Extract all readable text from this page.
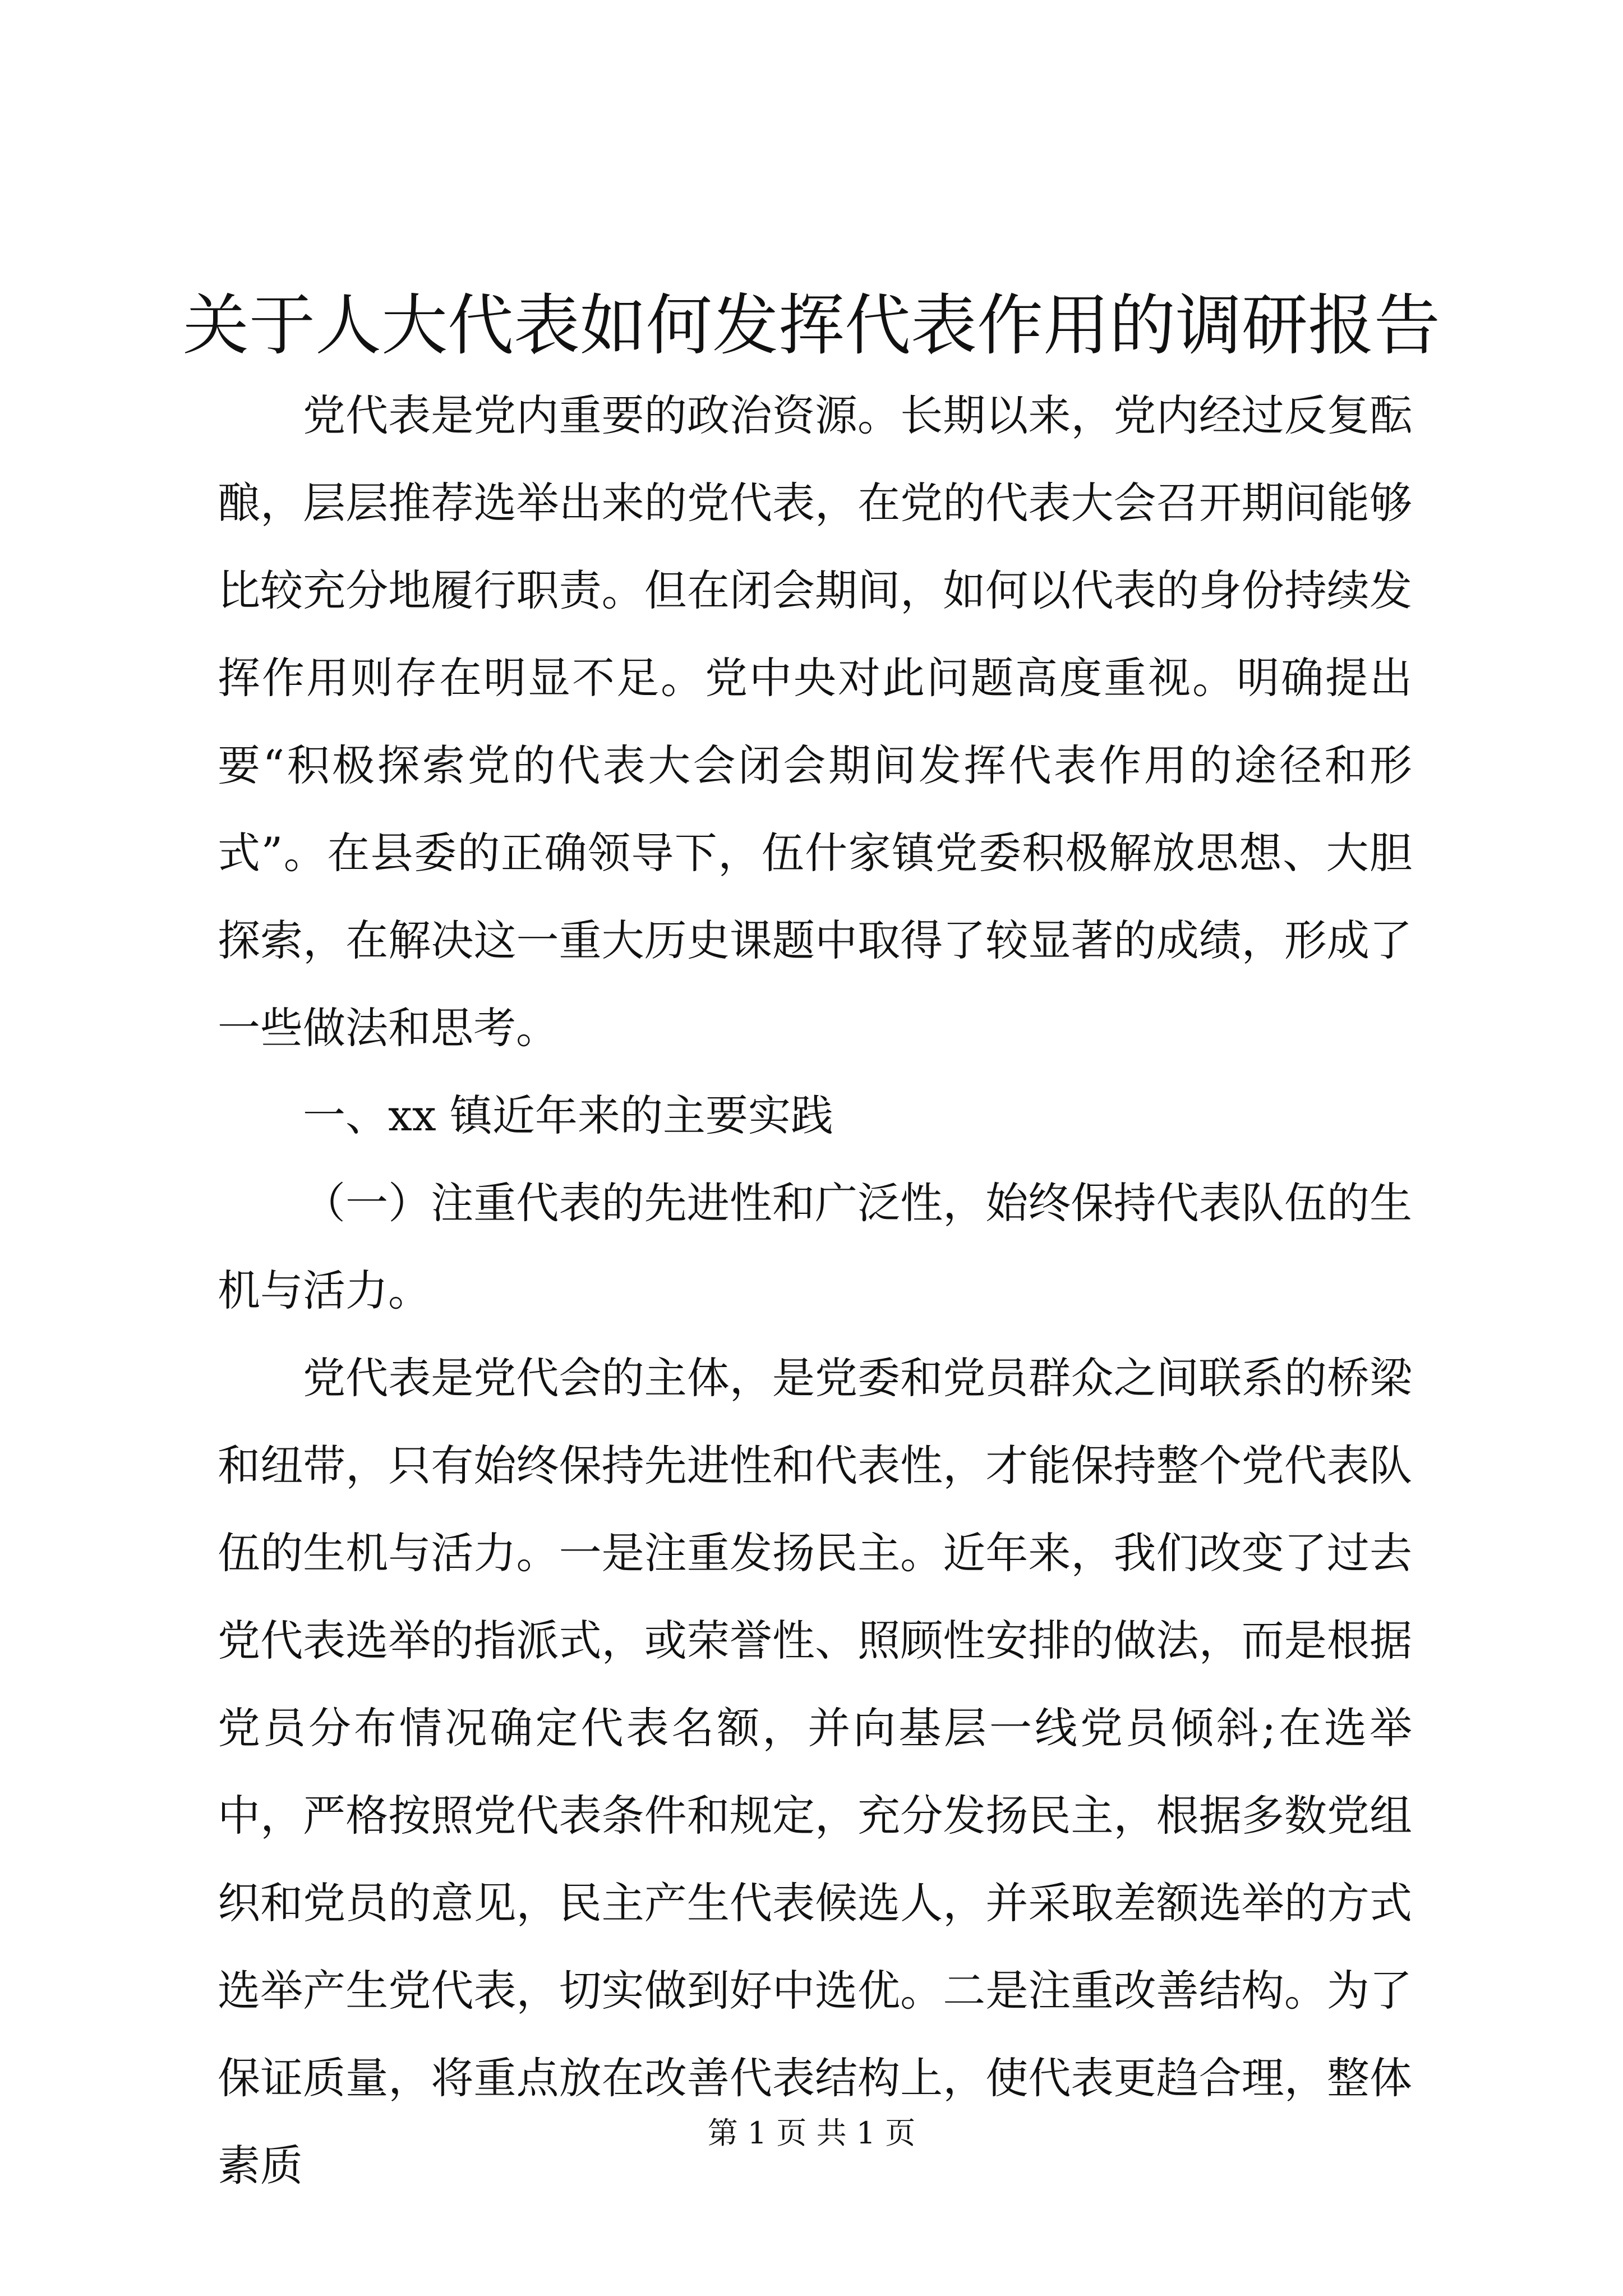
关于人大代表如何发挥代表作用的调研报告

党代表是党内重要的政治资源。长期以来，党内经过反复酝酿，层层推荐选举出来的党代表，在党的代表大会召开期间能够比较充分地履行职责。但在闭会期间，如何以代表的身份持续发挥作用则存在明显不足。党中央对此问题高度重视。明确提出要“积极探索党的代表大会闭会期间发挥代表作用的途径和形式”。在县委的正确领导下，伍什家镇党委积极解放思想、大胆探索，在解决这一重大历史课题中取得了较显著的成绩，形成了一些做法和思考。

一、xx 镇近年来的主要实践

（一）注重代表的先进性和广泛性，始终保持代表队伍的生机与活力。

党代表是党代会的主体，是党委和党员群众之间联系的桥梁和纽带，只有始终保持先进性和代表性，才能保持整个党代表队伍的生机与活力。一是注重发扬民主。近年来，我们改变了过去党代表选举的指派式，或荣誉性、照顾性安排的做法，而是根据党员分布情况确定代表名额，并向基层一线党员倾斜;在选举中，严格按照党代表条件和规定，充分发扬民主，根据多数党组织和党员的意见，民主产生代表候选人，并采取差额选举的方式选举产生党代表，切实做到好中选优。二是注重改善结构。为了保证质量，将重点放在改善代表结构上，使代表更趋合理，整体素质

第 1 页 共 1 页
